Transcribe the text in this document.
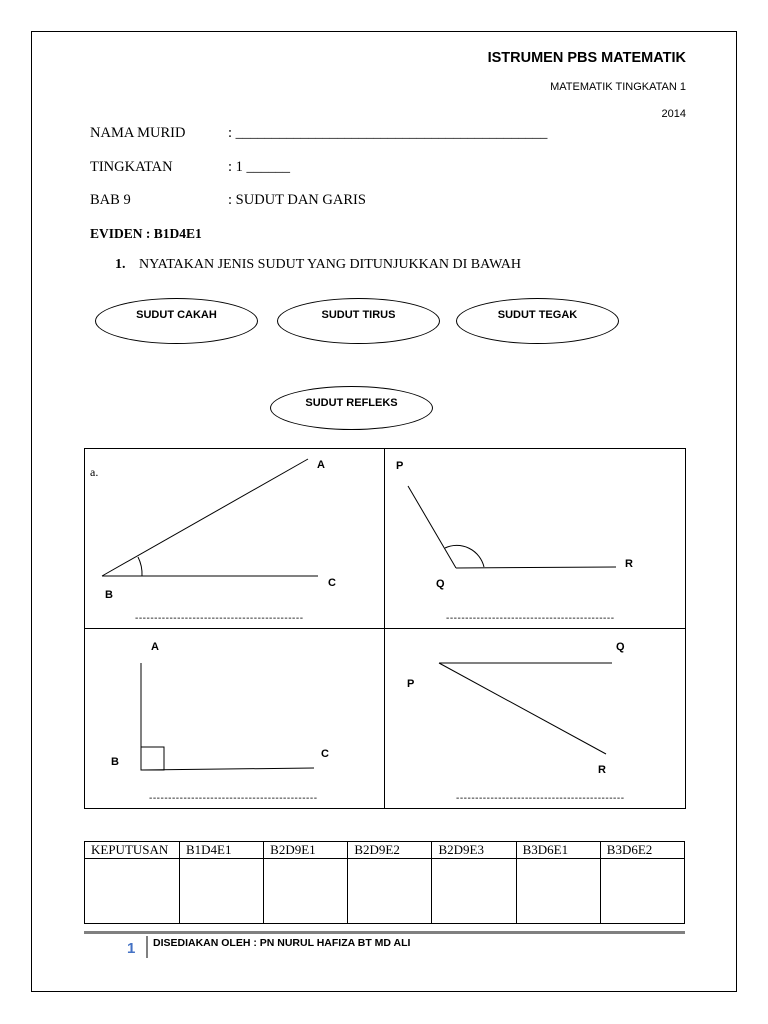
ISTRUMEN PBS MATEMATIK
MATEMATIK TINGKATAN 1
2014
NAMA MURID	: ___________________________________________
TINGKATAN	: 1 ______
BAB 9	: SUDUT DAN GARIS
EVIDEN : B1D4E1
1. NYATAKAN JENIS SUDUT YANG DITUNJUKKAN DI BAWAH
SUDUT CAKAH	SUDUT TIRUS	SUDUT TEGAK
SUDUT REFLEKS
a.	A
B
C
--------------------------------------------
P
Q
R
--------------------------------------------
A
B
C
--------------------------------------------
P
Q
R
--------------------------------------------
KEPUTUSAN	B1D4E1	B2D9E1	B2D9E2	B2D9E3	B3D6E1	B3D6E2

1 DISEDIAKAN OLEH : PN NURUL HAFIZA BT MD ALI
